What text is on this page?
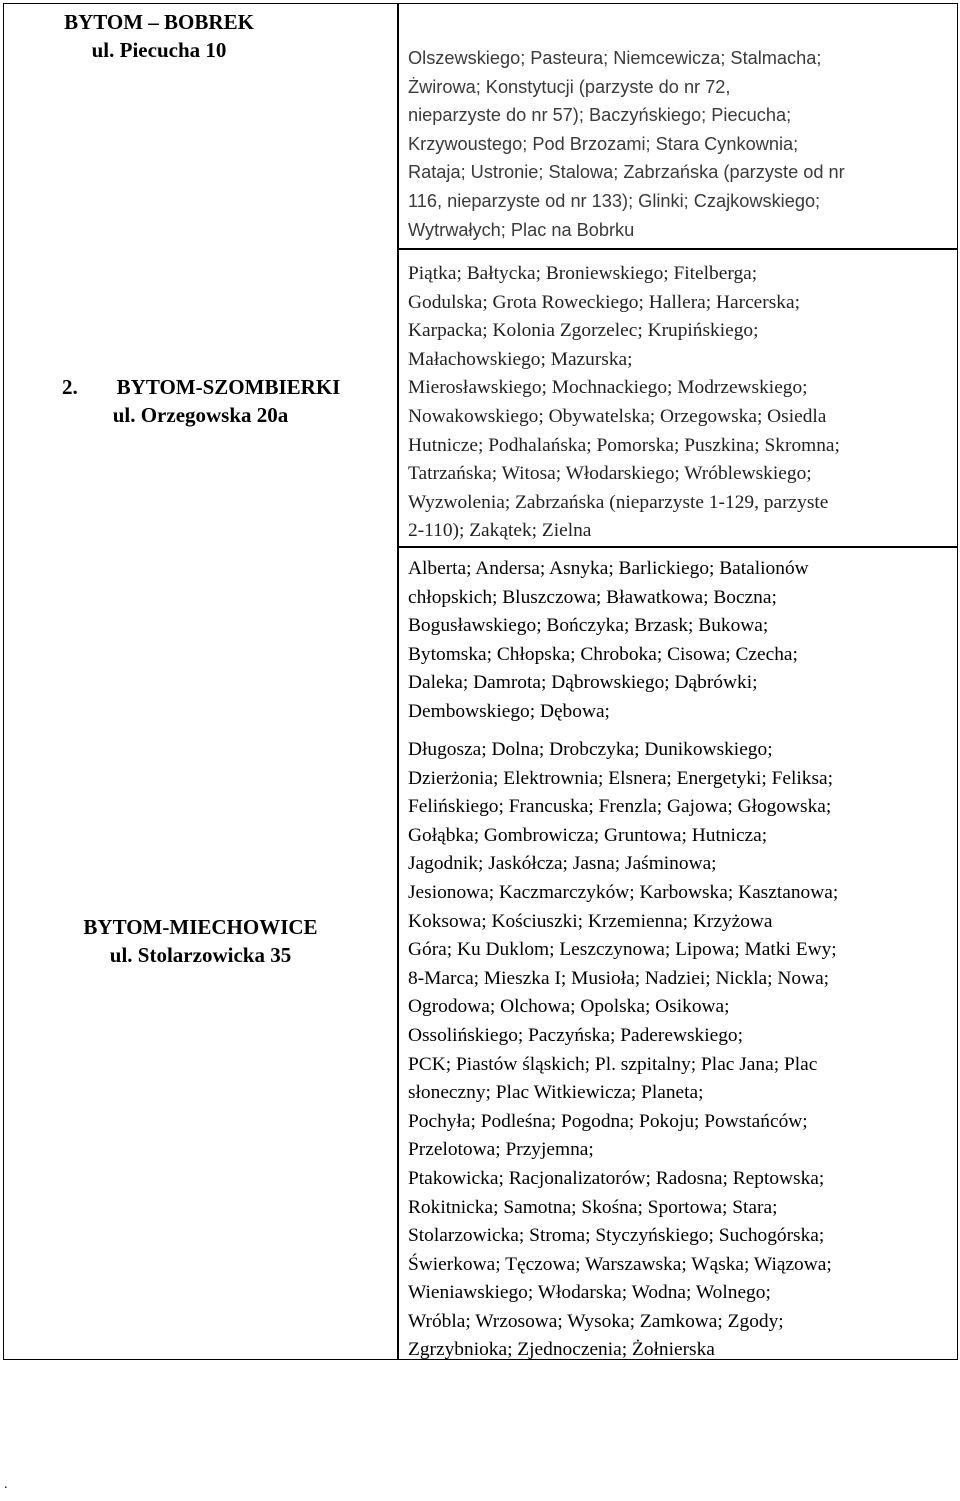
BYTOM – BOBREK
ul. Piecucha 10
2.	BYTOM-SZOMBIERKI
ul. Orzegowska 20a
BYTOM-MIECHOWICE
ul. Stolarzowicka 35
Olszewskiego; Pasteura; Niemcewicza; Stalmacha;
Żwirowa; Konstytucji (parzyste do nr 72,
nieparzyste do nr 57); Baczyńskiego; Piecucha;
Krzywoustego; Pod Brzozami; Stara Cynkownia;
Rataja; Ustronie; Stalowa; Zabrzańska (parzyste od nr
116, nieparzyste od nr 133); Glinki; Czajkowskiego;
Wytrwałych; Plac na Bobrku
Piątka; Bałtycka; Broniewskiego; Fitelberga;
Godulska; Grota Roweckiego; Hallera; Harcerska;
Karpacka; Kolonia Zgorzelec; Krupińskiego;
Małachowskiego; Mazurska;
Mierosławskiego; Mochnackiego; Modrzewskiego;
Nowakowskiego; Obywatelska; Orzegowska; Osiedla
Hutnicze; Podhalańska; Pomorska; Puszkina; Skromna;
Tatrzańska; Witosa; Włodarskiego; Wróblewskiego;
Wyzwolenia; Zabrzańska (nieparzyste 1-129, parzyste
2-110); Zakątek; Zielna
Alberta; Andersa; Asnyka; Barlickiego; Batalionów
chłopskich; Bluszczowa; Bławatkowa; Boczna;
Bogusławskiego; Bończyka; Brzask; Bukowa;
Bytomska; Chłopska; Chroboka; Cisowa; Czecha;
Daleka; Damrota; Dąbrowskiego; Dąbrówki;
Dembowskiego; Dębowa;
Długosza; Dolna; Drobczyka; Dunikowskiego;
Dzierżonia; Elektrownia; Elsnera; Energetyki; Feliksa;
Felińskiego; Francuska; Frenzla; Gajowa; Głogowska;
Gołąbka; Gombrowicza; Gruntowa; Hutnicza;
Jagodnik; Jaskółcza; Jasna; Jaśminowa;
Jesionowa; Kaczmarczyków; Karbowska; Kasztanowa;
Koksowa; Kościuszki; Krzemienna; Krzyżowa
Góra; Ku Duklom; Leszczynowa; Lipowa; Matki Ewy;
8-Marca; Mieszka I; Musioła; Nadziei; Nickla; Nowa;
Ogrodowa; Olchowa; Opolska; Osikowa;
Ossolińskiego; Paczyńska; Paderewskiego;
PCK; Piastów śląskich; Pl. szpitalny; Plac Jana; Plac
słoneczny; Plac Witkiewicza; Planeta;
Pochyła; Podleśna; Pogodna; Pokoju; Powstańców;
Przelotowa; Przyjemna;
Ptakowicka; Racjonalizatorów; Radosna; Reptowska;
Rokitnicka; Samotna; Skośna; Sportowa; Stara;
Stolarzowicka; Stroma; Styczyńskiego; Suchogórska;
Świerkowa; Tęczowa; Warszawska; Wąska; Wiązowa;
Wieniawskiego; Włodarska; Wodna; Wolnego;
Wróbla; Wrzosowa; Wysoka; Zamkowa; Zgody;
Zgrzybnioka; Zjednoczenia; Żołnierska
.
